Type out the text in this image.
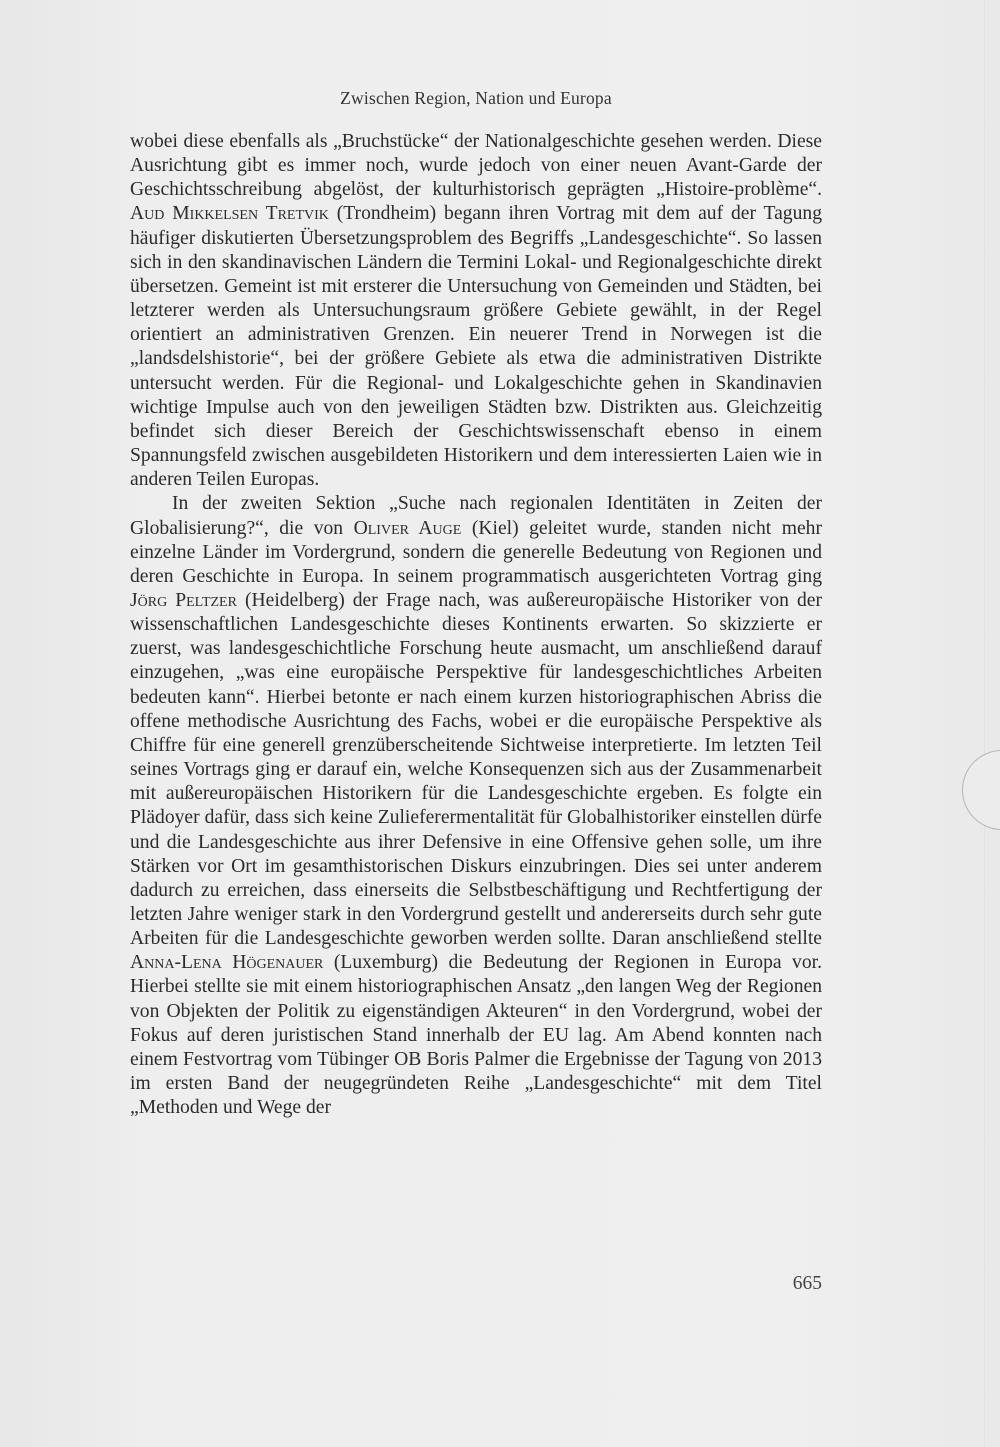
Zwischen Region, Nation und Europa

wobei diese ebenfalls als „Bruchstücke“ der Nationalgeschichte gesehen werden. Diese Ausrichtung gibt es immer noch, wurde jedoch von einer neuen Avant-Garde der Geschichtsschreibung abgelöst, der kulturhistorisch geprägten „Histoire-problème“. Aud Mikkelsen Tretvik (Trondheim) begann ihren Vortrag mit dem auf der Tagung häufiger diskutierten Übersetzungsproblem des Begriffs „Landesgeschichte“. So lassen sich in den skandinavischen Ländern die Termini Lokal- und Regionalgeschichte direkt übersetzen. Gemeint ist mit ersterer die Untersuchung von Gemeinden und Städten, bei letzterer werden als Untersuchungsraum größere Gebiete gewählt, in der Regel orientiert an administrativen Grenzen. Ein neuerer Trend in Norwegen ist die „landsdelshistorie“, bei der größere Gebiete als etwa die administrativen Distrikte untersucht werden. Für die Regional- und Lokalgeschichte gehen in Skandinavien wichtige Impulse auch von den jeweiligen Städten bzw. Distrikten aus. Gleichzeitig befindet sich dieser Bereich der Geschichtswissenschaft ebenso in einem Spannungsfeld zwischen ausgebildeten Historikern und dem interessierten Laien wie in anderen Teilen Europas.

In der zweiten Sektion „Suche nach regionalen Identitäten in Zeiten der Globalisierung?“, die von Oliver Auge (Kiel) geleitet wurde, standen nicht mehr einzelne Länder im Vordergrund, sondern die generelle Bedeutung von Regionen und deren Geschichte in Europa. In seinem programmatisch ausgerichteten Vortrag ging Jörg Peltzer (Heidelberg) der Frage nach, was außereuropäische Historiker von der wissenschaftlichen Landesgeschichte dieses Kontinents erwarten. So skizzierte er zuerst, was landesgeschichtliche Forschung heute ausmacht, um anschließend darauf einzugehen, „was eine europäische Perspektive für landesgeschichtliches Arbeiten bedeuten kann“. Hierbei betonte er nach einem kurzen historiographischen Abriss die offene methodische Ausrichtung des Fachs, wobei er die europäische Perspektive als Chiffre für eine generell grenzüberscheitende Sichtweise interpretierte. Im letzten Teil seines Vortrags ging er darauf ein, welche Konsequenzen sich aus der Zusammenarbeit mit außereuropäischen Historikern für die Landesgeschichte ergeben. Es folgte ein Plädoyer dafür, dass sich keine Zulieferermentalität für Globalhistoriker einstellen dürfe und die Landesgeschichte aus ihrer Defensive in eine Offensive gehen solle, um ihre Stärken vor Ort im gesamthistorischen Diskurs einzubringen. Dies sei unter anderem dadurch zu erreichen, dass einerseits die Selbstbeschäftigung und Rechtfertigung der letzten Jahre weniger stark in den Vordergrund gestellt und andererseits durch sehr gute Arbeiten für die Landesgeschichte geworben werden sollte. Daran anschließend stellte Anna-Lena Högenauer (Luxemburg) die Bedeutung der Regionen in Europa vor. Hierbei stellte sie mit einem historiographischen Ansatz „den langen Weg der Regionen von Objekten der Politik zu eigenständigen Akteuren“ in den Vordergrund, wobei der Fokus auf deren juristischen Stand innerhalb der EU lag. Am Abend konnten nach einem Festvortrag vom Tübinger OB Boris Palmer die Ergebnisse der Tagung von 2013 im ersten Band der neugegründeten Reihe „Landesgeschichte“ mit dem Titel „Methoden und Wege der

665
